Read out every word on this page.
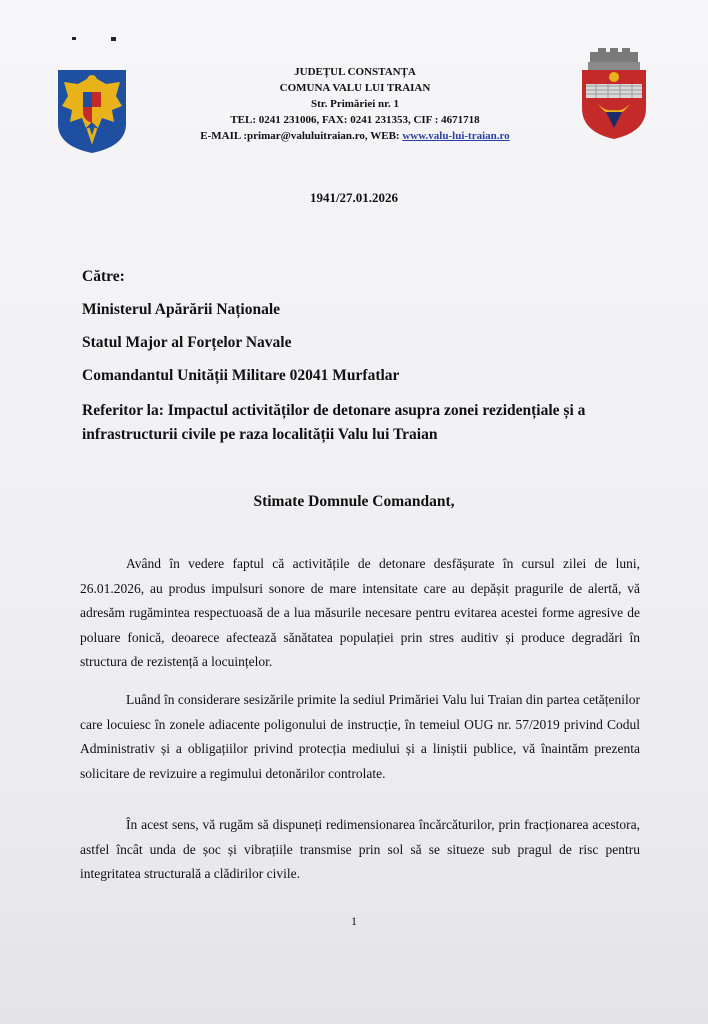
JUDEȚUL CONSTANȚA
COMUNA VALU LUI TRAIAN
Str. Primăriei nr. 1
TEL: 0241 231006, FAX: 0241 231353, CIF : 4671718
E-MAIL :primar@valuluitraian.ro, WEB: www.valu-lui-traian.ro
1941/27.01.2026
Către:
Ministerul Apărării Naționale
Statul Major al Forțelor Navale
Comandantul Unității Militare 02041 Murfatlar
Referitor la: Impactul activităților de detonare asupra zonei rezidențiale și a infrastructurii civile pe raza localității Valu lui Traian
Stimate Domnule Comandant,
Având în vedere faptul că activitățile de detonare desfășurate în cursul zilei de luni, 26.01.2026, au produs impulsuri sonore de mare intensitate care au depășit pragurile de alertă, vă adresăm rugămintea respectuoasă de a lua măsurile necesare pentru evitarea acestei forme agresive de poluare fonică, deoarece afectează sănătatea populației prin stres auditiv și produce degradări în structura de rezistență a locuințelor.
Luând în considerare sesizările primite la sediul Primăriei Valu lui Traian din partea cetățenilor care locuiesc în zonele adiacente poligonului de instrucție, în temeiul OUG nr. 57/2019 privind Codul Administrativ și a obligațiilor privind protecția mediului și a liniștii publice, vă înaintăm prezenta solicitare de revizuire a regimului detonărilor controlate.
În acest sens, vă rugăm să dispuneți redimensionarea încărcăturilor, prin fracționarea acestora, astfel încât unda de șoc și vibrațiile transmise prin sol să se situeze sub pragul de risc pentru integritatea structurală a clădirilor civile.
1
